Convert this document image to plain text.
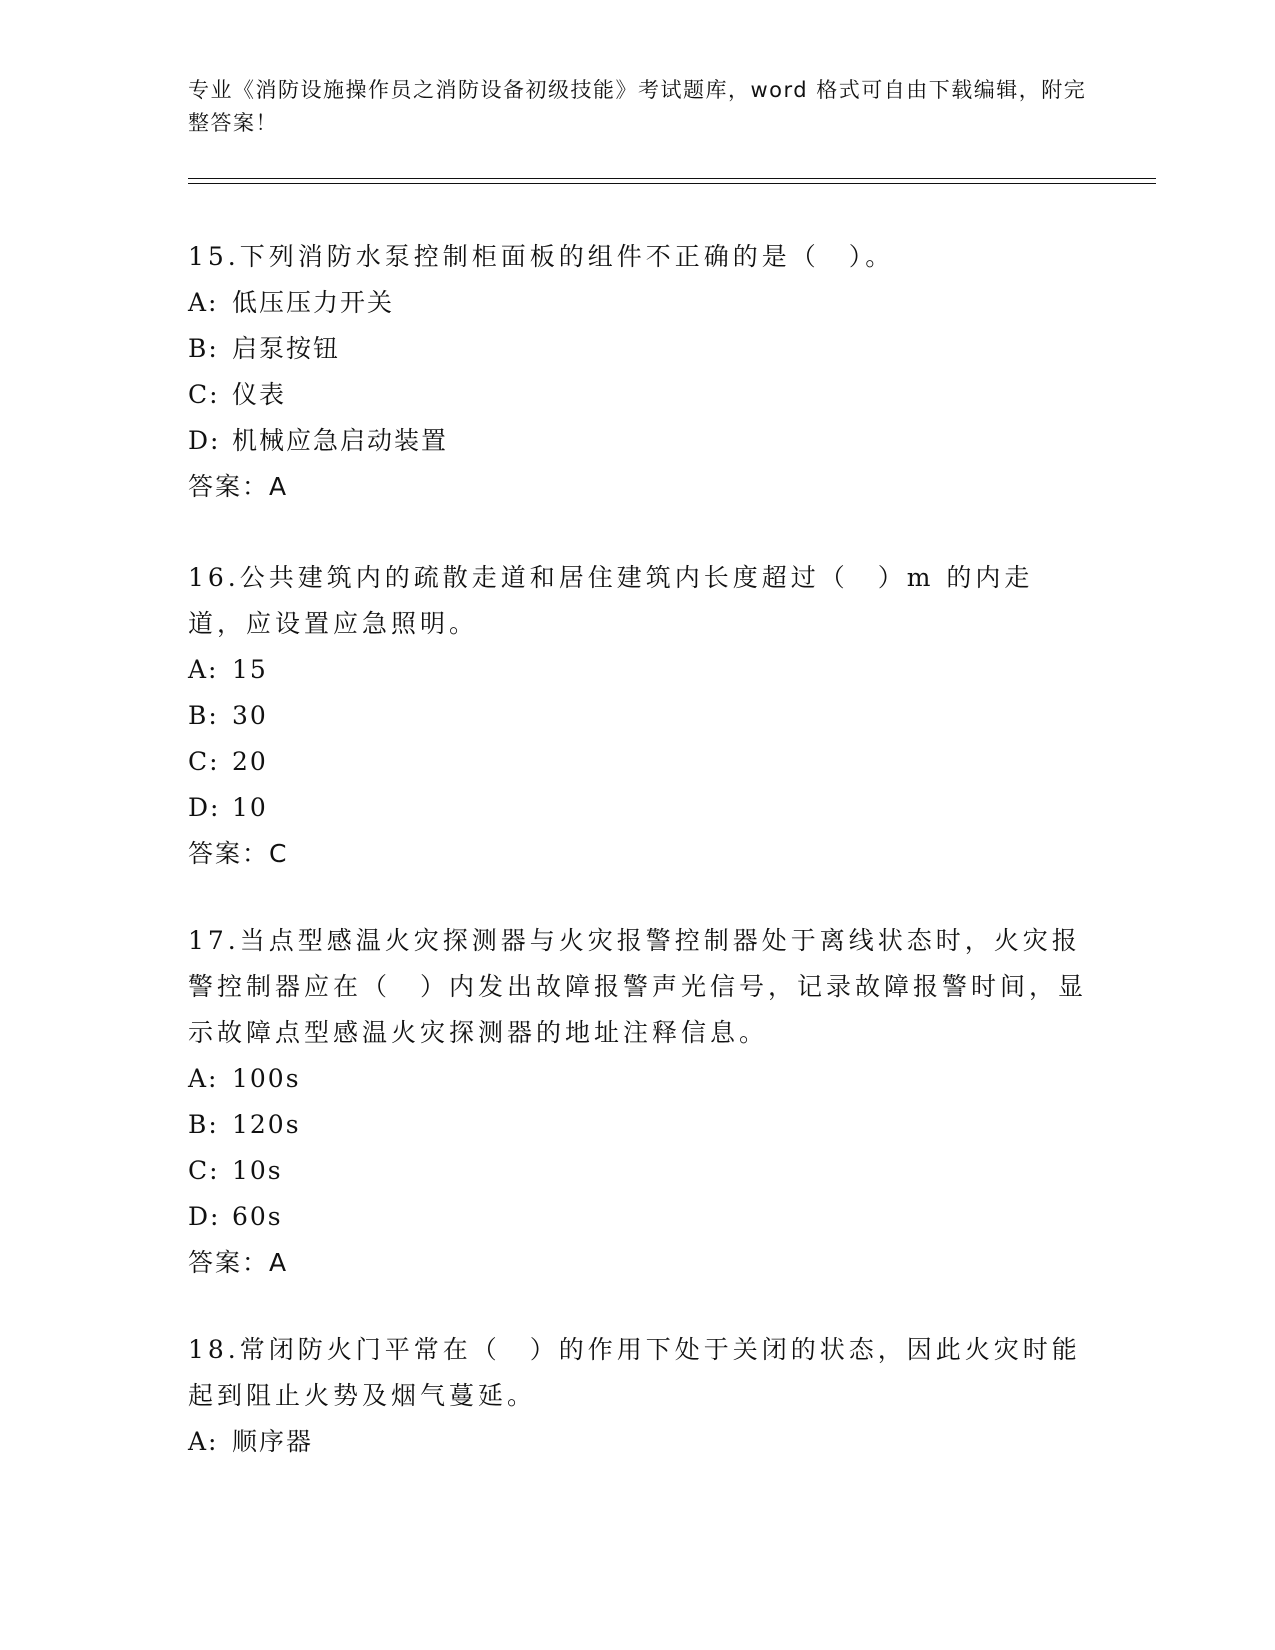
专业《消防设施操作员之消防设备初级技能》考试题库，word 格式可自由下载编辑，附完整答案！

15.下列消防水泵控制柜面板的组件不正确的是（　）。

A: 低压压力开关

B: 启泵按钮

C: 仪表

D: 机械应急启动装置

答案：A

16.公共建筑内的疏散走道和居住建筑内长度超过（　）m 的内走道，应设置应急照明。

A: 15

B: 30

C: 20

D: 10

答案：C

17.当点型感温火灾探测器与火灾报警控制器处于离线状态时，火灾报警控制器应在（　）内发出故障报警声光信号，记录故障报警时间，显示故障点型感温火灾探测器的地址注释信息。

A: 100s

B: 120s

C: 10s

D: 60s

答案：A

18.常闭防火门平常在（　）的作用下处于关闭的状态，因此火灾时能起到阻止火势及烟气蔓延。

A: 顺序器
